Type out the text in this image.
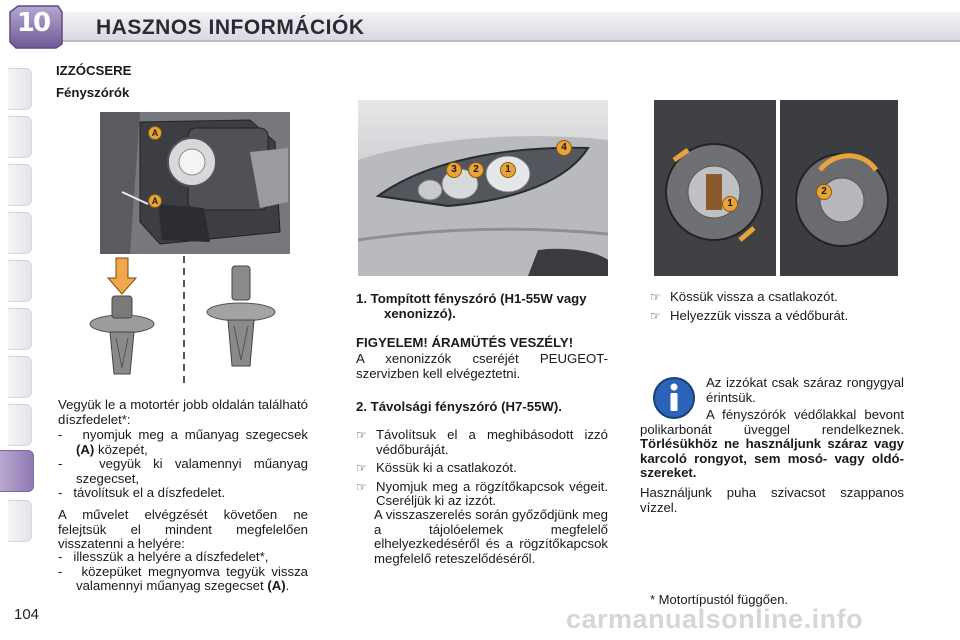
10	HASZNOS INFORMÁCIÓK
104
IZZÓCSERE
Fényszórók
A
A
Vegyük le a motortér jobb oldalán található díszfedelet*:

-   nyomjuk meg a műanyag szegecsek (A) közepét,

-   vegyük ki valamennyi műanyag szegecset,

-   távolítsuk el a díszfedelet.

A művelet elvégzését követően ne felejtsük el mindent megfelelően visszatenni a helyére:

-   illesszük a helyére a díszfedelet*,

-   közepüket megnyomva tegyük vissza valamennyi műanyag szegecset (A).

3	2	1
4

1. Tompított fényszóró (H1-55W vagy xenonizzó).

FIGYELEM! ÁRAMÜTÉS VESZÉLY!
A xenonizzók cseréjét PEUGEOT-szervizben kell elvégeztetni.

2. Távolsági fényszóró (H7-55W).

☞ Távolítsuk el a meghibásodott izzó védőburáját.

☞ Kössük ki a csatlakozót.

☞ Nyomjuk meg a rögzítőkapcsok végeit. Cseréljük ki az izzót.

A visszaszerelés során győződjünk meg a tájolóelemek megfelelő elhelyezkedéséről és a rögzítőkapcsok megfelelő reteszelődéséről.
1
2

☞ Kössük vissza a csatlakozót.

☞ Helyezzük vissza a védőburát.

Az izzókat csak száraz rongygyal érintsük.
A fényszórók védőlakkal bevont polikarbonát üveggel rendelkeznek. Törlésükhöz ne használjunk száraz vagy karcoló rongyot, sem mosó- vagy oldószereket.
Használjunk puha szivacsot szappanos vízzel.
* Motortípustól függően.
carmanualsonline.info
